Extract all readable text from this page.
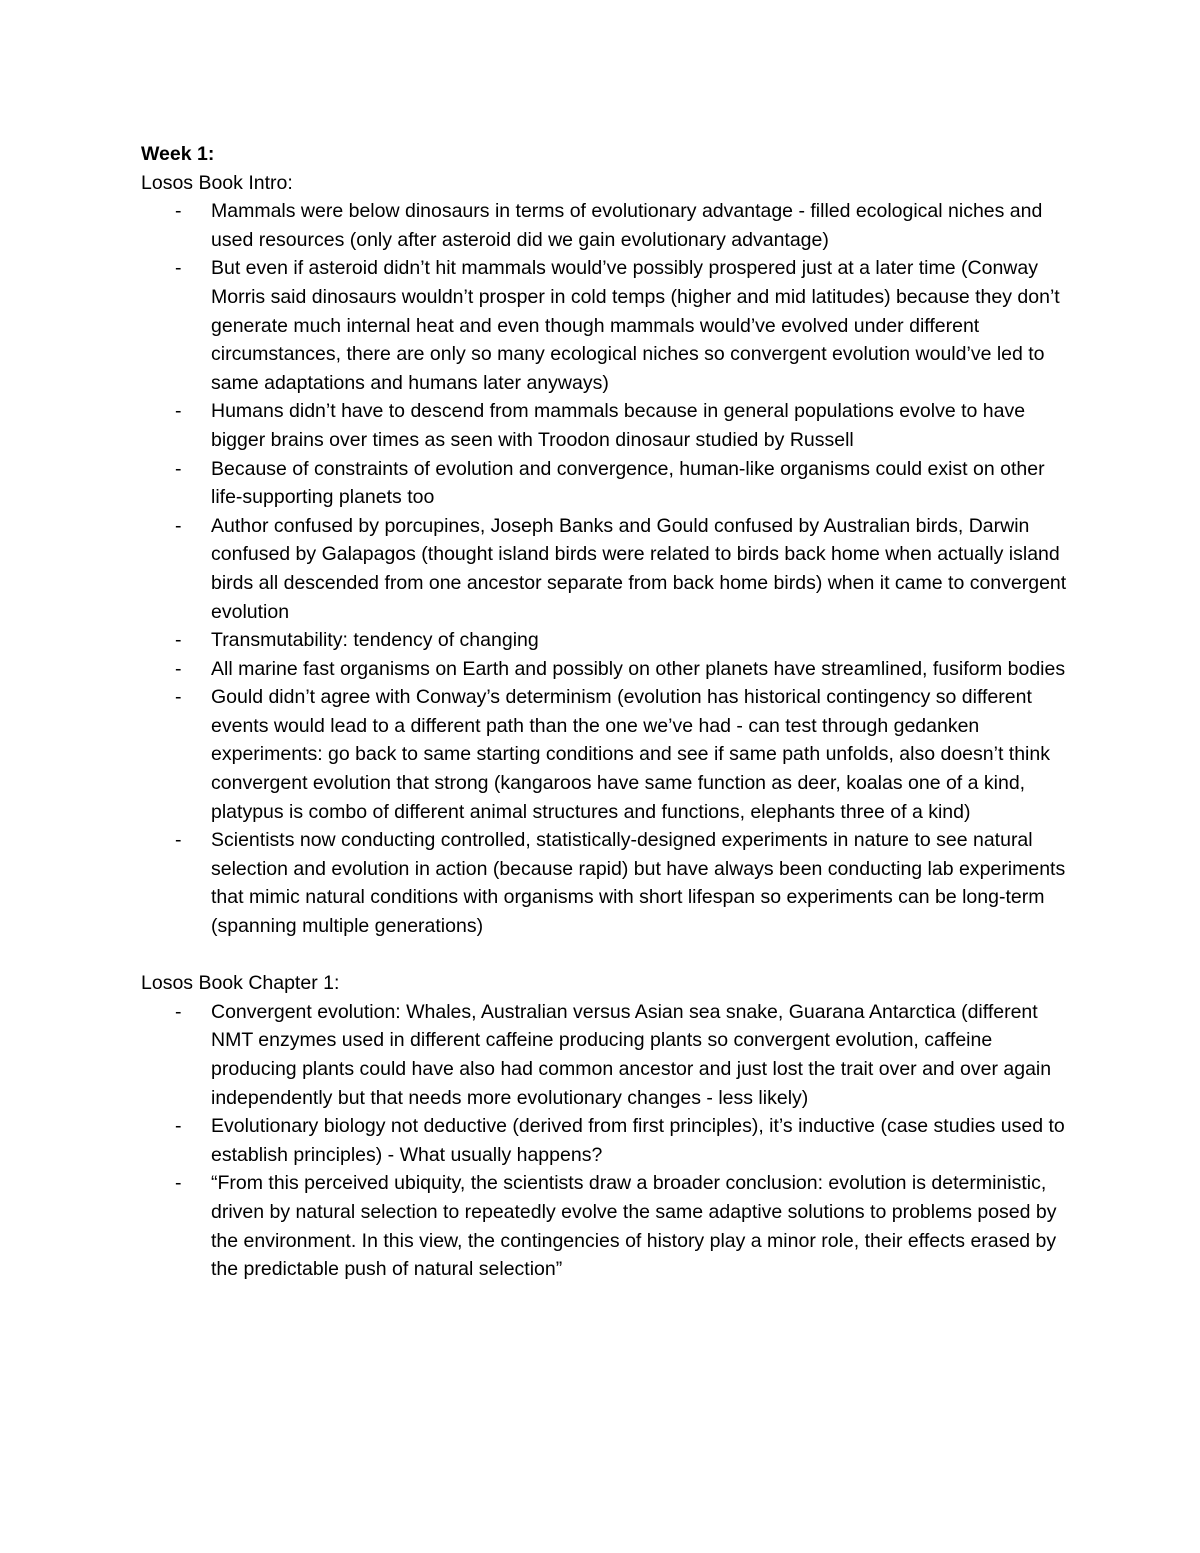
Week 1:

Losos Book Intro:

- Mammals were below dinosaurs in terms of evolutionary advantage - filled ecological niches and used resources (only after asteroid did we gain evolutionary advantage)
- But even if asteroid didn’t hit mammals would’ve possibly prospered just at a later time (Conway Morris said dinosaurs wouldn’t prosper in cold temps (higher and mid latitudes) because they don’t generate much internal heat and even though mammals would’ve evolved under different circumstances, there are only so many ecological niches so convergent evolution would’ve led to same adaptations and humans later anyways)
- Humans didn’t have to descend from mammals because in general populations evolve to have bigger brains over times as seen with Troodon dinosaur studied by Russell
- Because of constraints of evolution and convergence, human-like organisms could exist on other life-supporting planets too
- Author confused by porcupines, Joseph Banks and Gould confused by Australian birds, Darwin confused by Galapagos (thought island birds were related to birds back home when actually island birds all descended from one ancestor separate from back home birds) when it came to convergent evolution
- Transmutability: tendency of changing
- All marine fast organisms on Earth and possibly on other planets have streamlined, fusiform bodies
- Gould didn’t agree with Conway’s determinism (evolution has historical contingency so different events would lead to a different path than the one we’ve had - can test through gedanken experiments: go back to same starting conditions and see if same path unfolds, also doesn’t think convergent evolution that strong (kangaroos have same function as deer, koalas one of a kind, platypus is combo of different animal structures and functions, elephants three of a kind)
- Scientists now conducting controlled, statistically-designed experiments in nature to see natural selection and evolution in action (because rapid) but have always been conducting lab experiments that mimic natural conditions with organisms with short lifespan so experiments can be long-term (spanning multiple generations)

Losos Book Chapter 1:

- Convergent evolution: Whales, Australian versus Asian sea snake, Guarana Antarctica (different NMT enzymes used in different caffeine producing plants so convergent evolution, caffeine producing plants could have also had common ancestor and just lost the trait over and over again independently but that needs more evolutionary changes - less likely)
- Evolutionary biology not deductive (derived from first principles), it’s inductive (case studies used to establish principles) - What usually happens?
- “From this perceived ubiquity, the scientists draw a broader conclusion: evolution is deterministic, driven by natural selection to repeatedly evolve the same adaptive solutions to problems posed by the environment. In this view, the contingencies of history play a minor role, their effects erased by the predictable push of natural selection”
